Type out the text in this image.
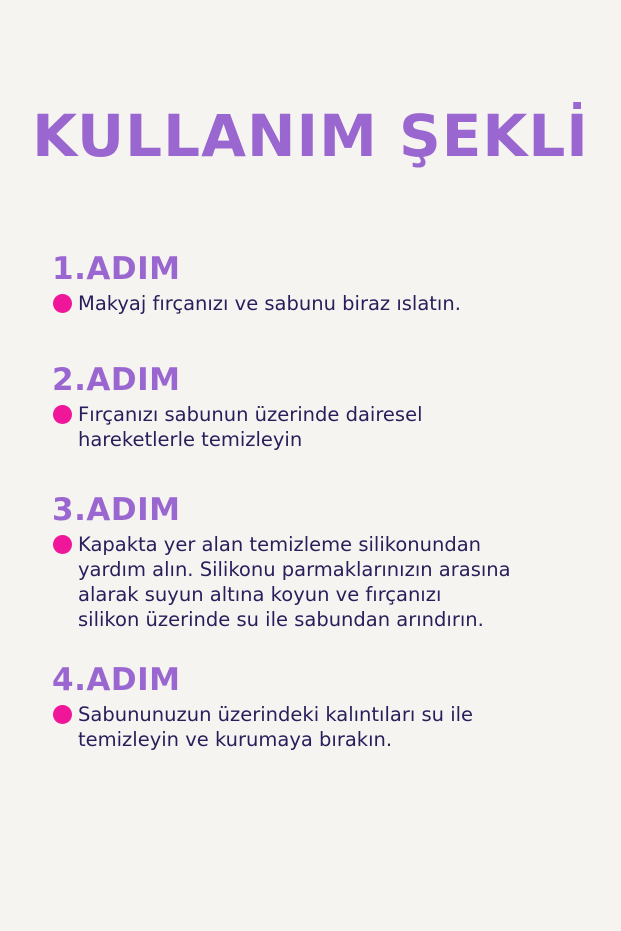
KULLANIM ŞEKLİ
1.ADIM

Makyaj fırçanızı ve sabunu biraz ıslatın.

2.ADIM

Fırçanızı sabunun üzerinde dairesel
hareketlerle temizleyin

3.ADIM

Kapakta yer alan temizleme silikonundan
yardım alın. Silikonu parmaklarınızın arasına
alarak suyun altına koyun ve fırçanızı
silikon üzerinde su ile sabundan arındırın.

4.ADIM

Sabununuzun üzerindeki kalıntıları su ile
temizleyin ve kurumaya bırakın.
